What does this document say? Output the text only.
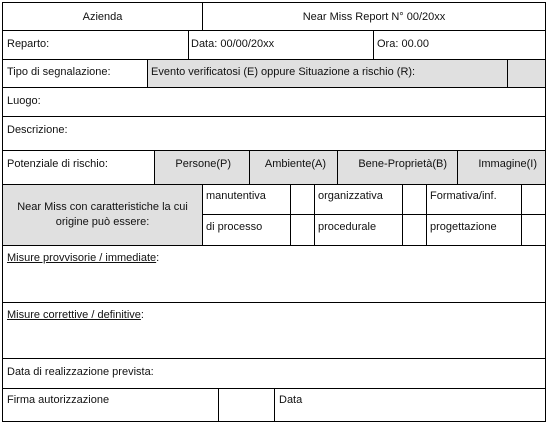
Azienda	Near Miss Report N° 00/20xx
Reparto:	Data: 00/00/20xx	Ora: 00.00
Tipo di segnalazione:	Evento verificatosi (E) oppure Situazione a rischio (R):
Luogo:
Descrizione:
Potenziale di rischio:	Persone(P)	Ambiente(A)	Bene-Proprietà(B)	Immagine(I)
Near Miss con caratteristiche la cui origine può essere:
manutentiva	organizzativa	Formativa/inf.
di processo	procedurale	progettazione
Misure provvisorie / immediate:
Misure correttive / definitive:
Data di realizzazione prevista:
Firma autorizzazione	Data
